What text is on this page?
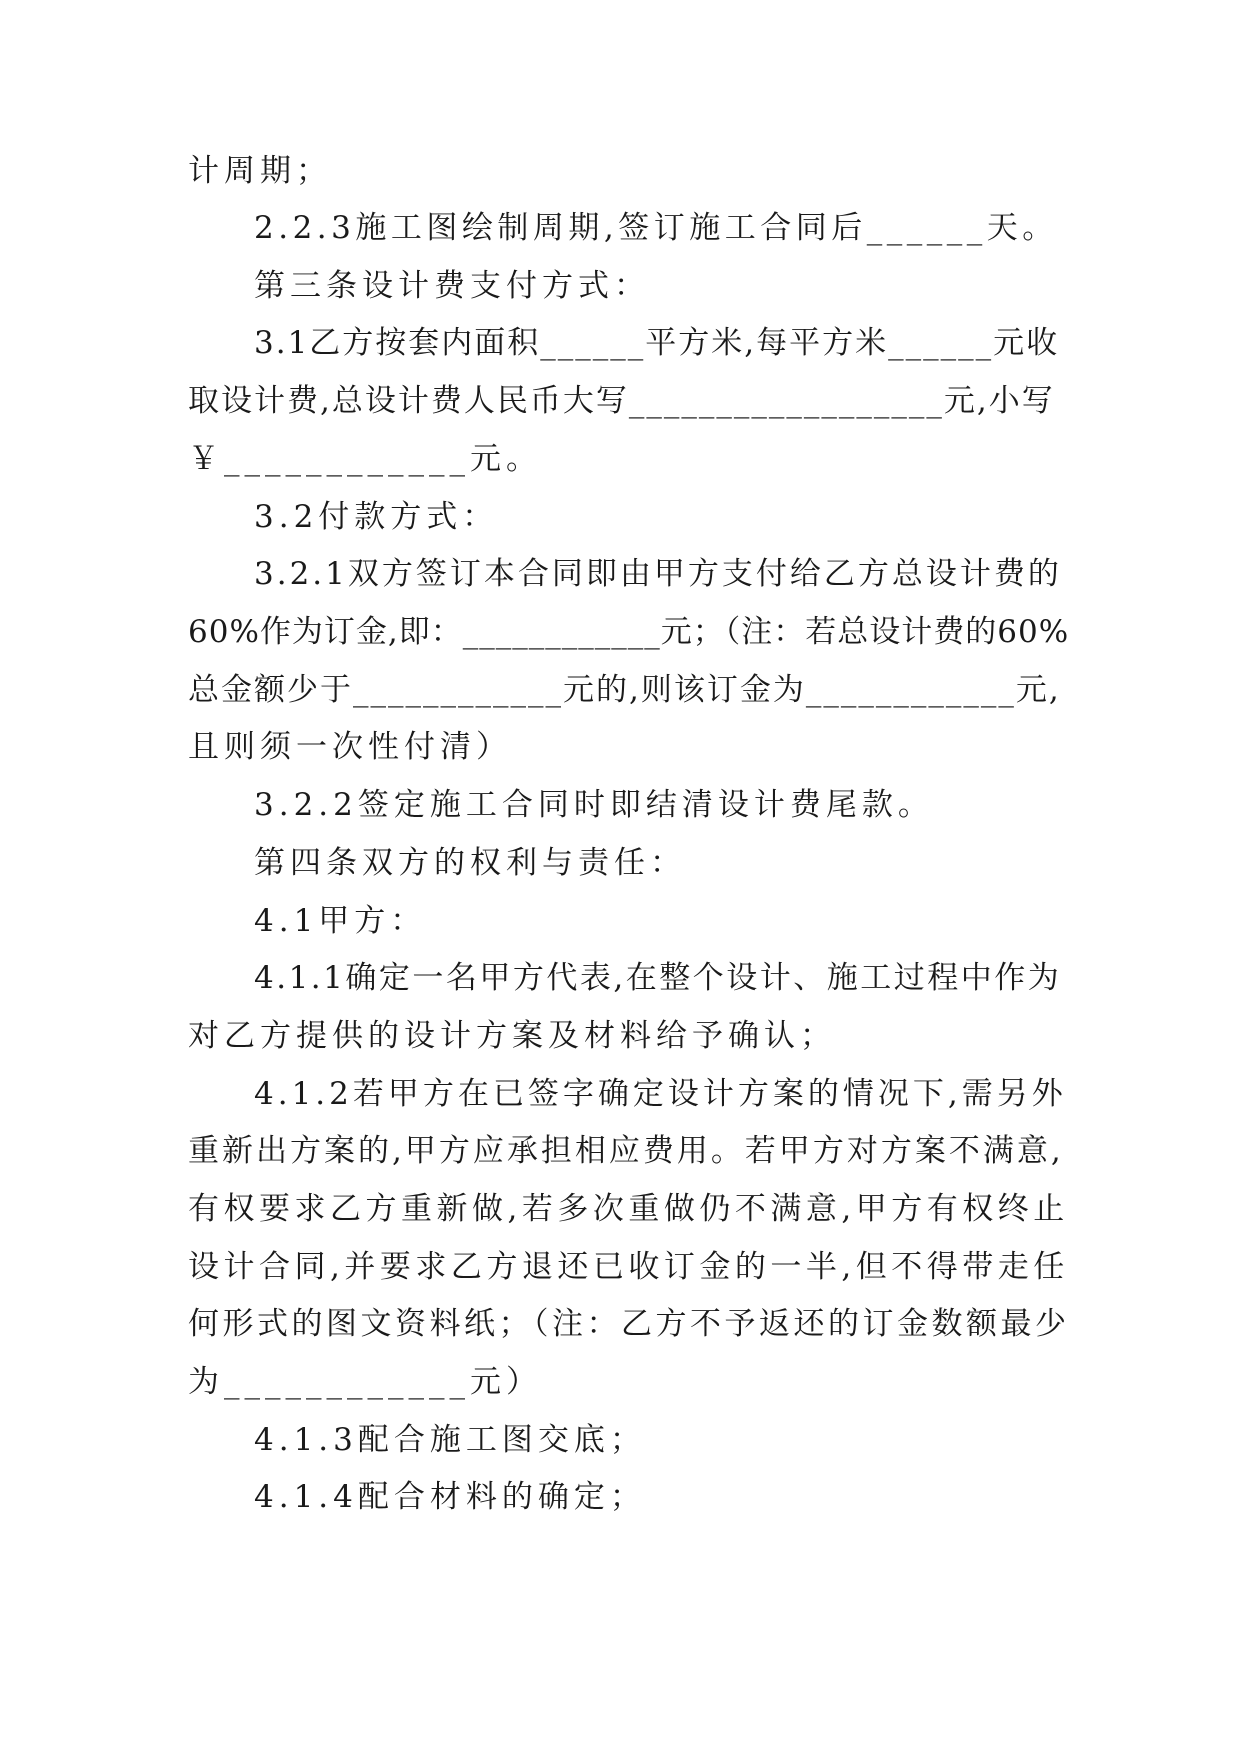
计周期；

2.2.3施工图绘制周期,签订施工合同后______天。

第三条设计费支付方式：

3.1乙方按套内面积______平方米,每平方米______元收

取设计费,总设计费人民币大写__________________元,小写

￥____________元。

3.2付款方式：

3.2.1双方签订本合同即由甲方支付给乙方总设计费的

60%作为订金,即：____________元；（注：若总设计费的60%

总金额少于____________元的,则该订金为____________元,

且则须一次性付清）

3.2.2签定施工合同时即结清设计费尾款。

第四条双方的权利与责任：

4.1甲方：

4.1.1确定一名甲方代表,在整个设计、施工过程中作为

对乙方提供的设计方案及材料给予确认；

4.1.2若甲方在已签字确定设计方案的情况下,需另外

重新出方案的,甲方应承担相应费用。若甲方对方案不满意,

有权要求乙方重新做,若多次重做仍不满意,甲方有权终止

设计合同,并要求乙方退还已收订金的一半,但不得带走任

何形式的图文资料纸；（注：乙方不予返还的订金数额最少

为____________元）

4.1.3配合施工图交底；

4.1.4配合材料的确定；
